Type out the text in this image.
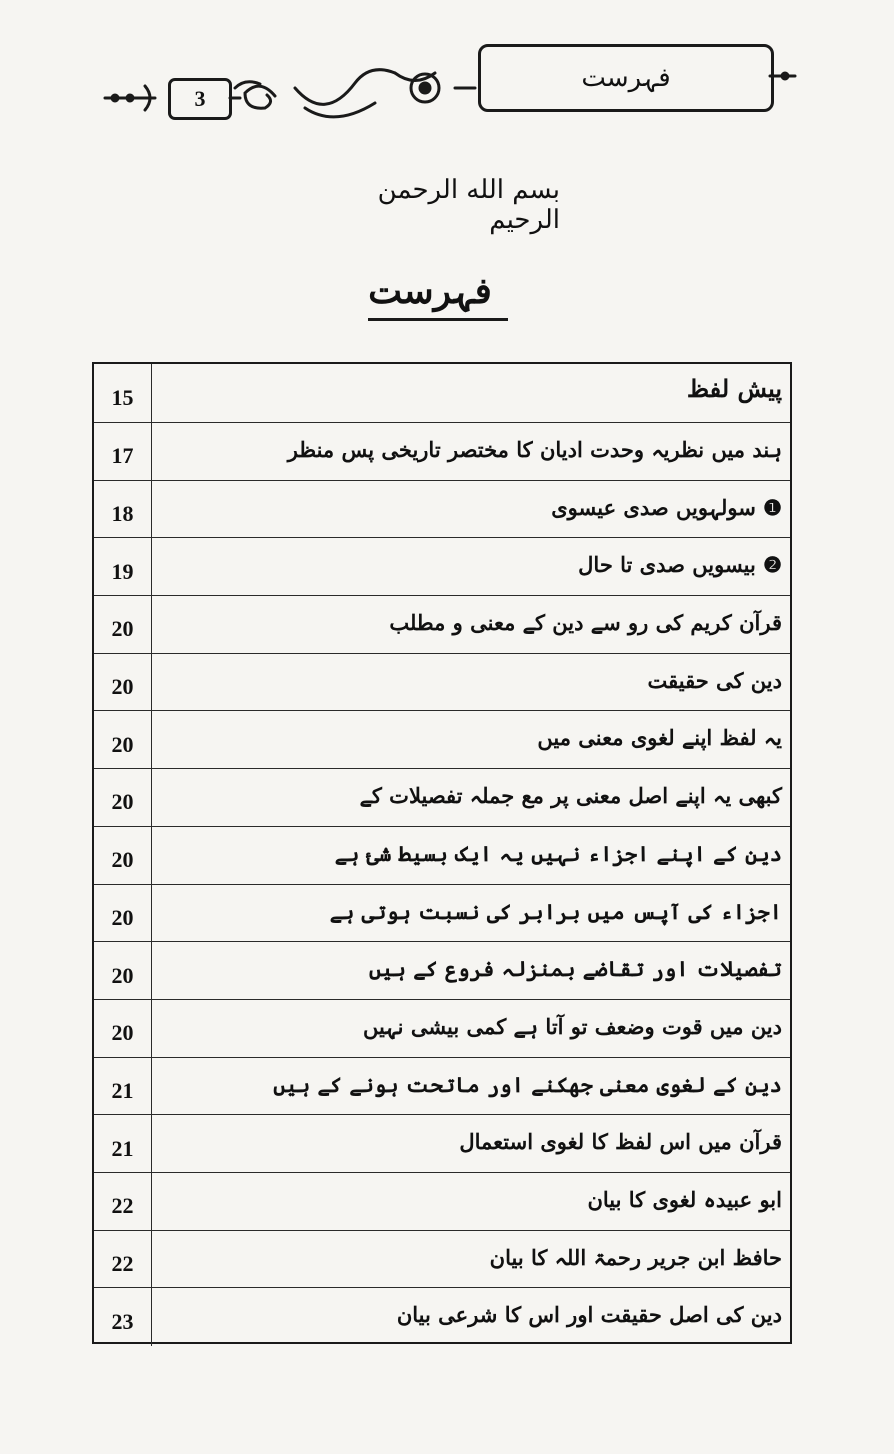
فہرست
3
بسم الله الرحمن الرحيم
فہرست
پیش لفظ
15
ہند میں نظریہ وحدت ادیان کا مختصر تاریخی پس منظر
17
❶ سولہویں صدی عیسوی
18
❷ بیسویں صدی تا حال
19
قرآن کریم کی رو سے دین کے معنی و مطلب
20
دین کی حقیقت
20
یہ لفظ اپنے لغوی معنی میں
20
کبھی یہ اپنے اصل معنی پر مع جملہ تفصیلات کے
20
دین کے اپنے اجزاء نہیں یہ ایک بسیط شئ ہے
20
اجزاء کی آپس میں برابر کی نسبت ہوتی ہے
20
تفصیلات اور تقاضے بمنزلہ فروع کے ہیں
20
دین میں قوت وضعف تو آتا ہے کمی بیشی نہیں
20
دین کے لغوی معنی جھکنے اور ماتحت ہونے کے ہیں
21
قرآن میں اس لفظ کا لغوی استعمال
21
ابو عبیدہ لغوی کا بیان
22
حافظ ابن جریر رحمۃ اللہ کا بیان
22
دین کی اصل حقیقت اور اس کا شرعی بیان
23
